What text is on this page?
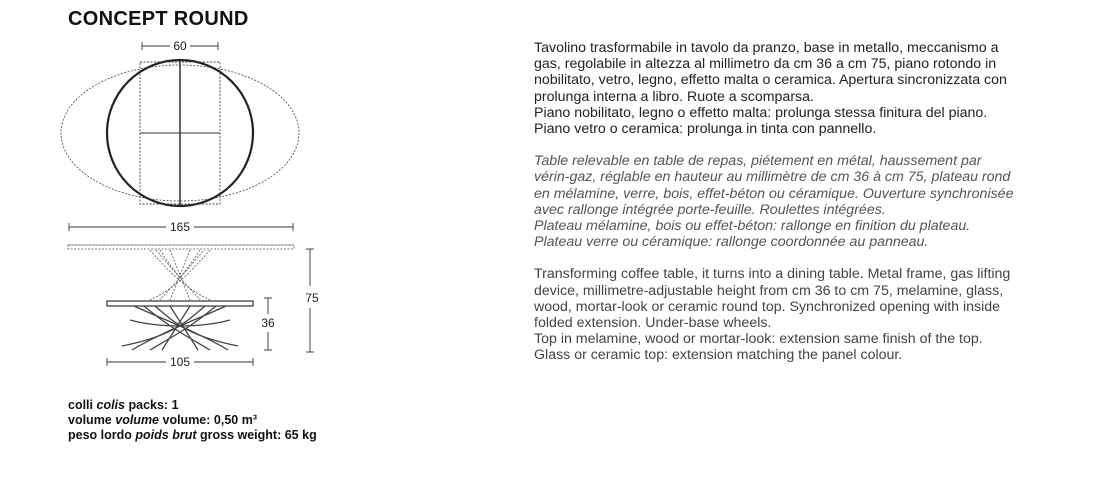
CONCEPT ROUND
60
165
75
36
105
colli colis packs: 1
volume volume volume: 0,50 m³
peso lordo poids brut gross weight: 65 kg

Tavolino trasformabile in tavolo da pranzo, base in metallo, meccanismo a

gas, regolabile in altezza al millimetro da cm 36 a cm 75, piano rotondo in

nobilitato, vetro, legno, effetto malta o ceramica. Apertura sincronizzata con

prolunga interna a libro. Ruote a scomparsa.

Piano nobilitato, legno o effetto malta: prolunga stessa finitura del piano.

Piano vetro o ceramica: prolunga in tinta con pannello.

Table relevable en table de repas, piétement en métal, haussement par

vérin-gaz, réglable en hauteur au millimètre de cm 36 à cm 75, plateau rond

en mélamine, verre, bois, effet-béton ou céramique. Ouverture synchronisée

avec rallonge intégrée porte-feuille. Roulettes intégrées.

Plateau mélamine, bois ou effet-béton: rallonge en finition du plateau.

Plateau verre ou céramique: rallonge coordonnée au panneau.

Transforming coffee table, it turns into a dining table. Metal frame, gas lifting

device, millimetre-adjustable height from cm 36 to cm 75, melamine, glass,

wood, mortar-look or ceramic round top. Synchronized opening with inside

folded extension. Under-base wheels.

Top in melamine, wood or mortar-look: extension same finish of the top.

Glass or ceramic top: extension matching the panel colour.
